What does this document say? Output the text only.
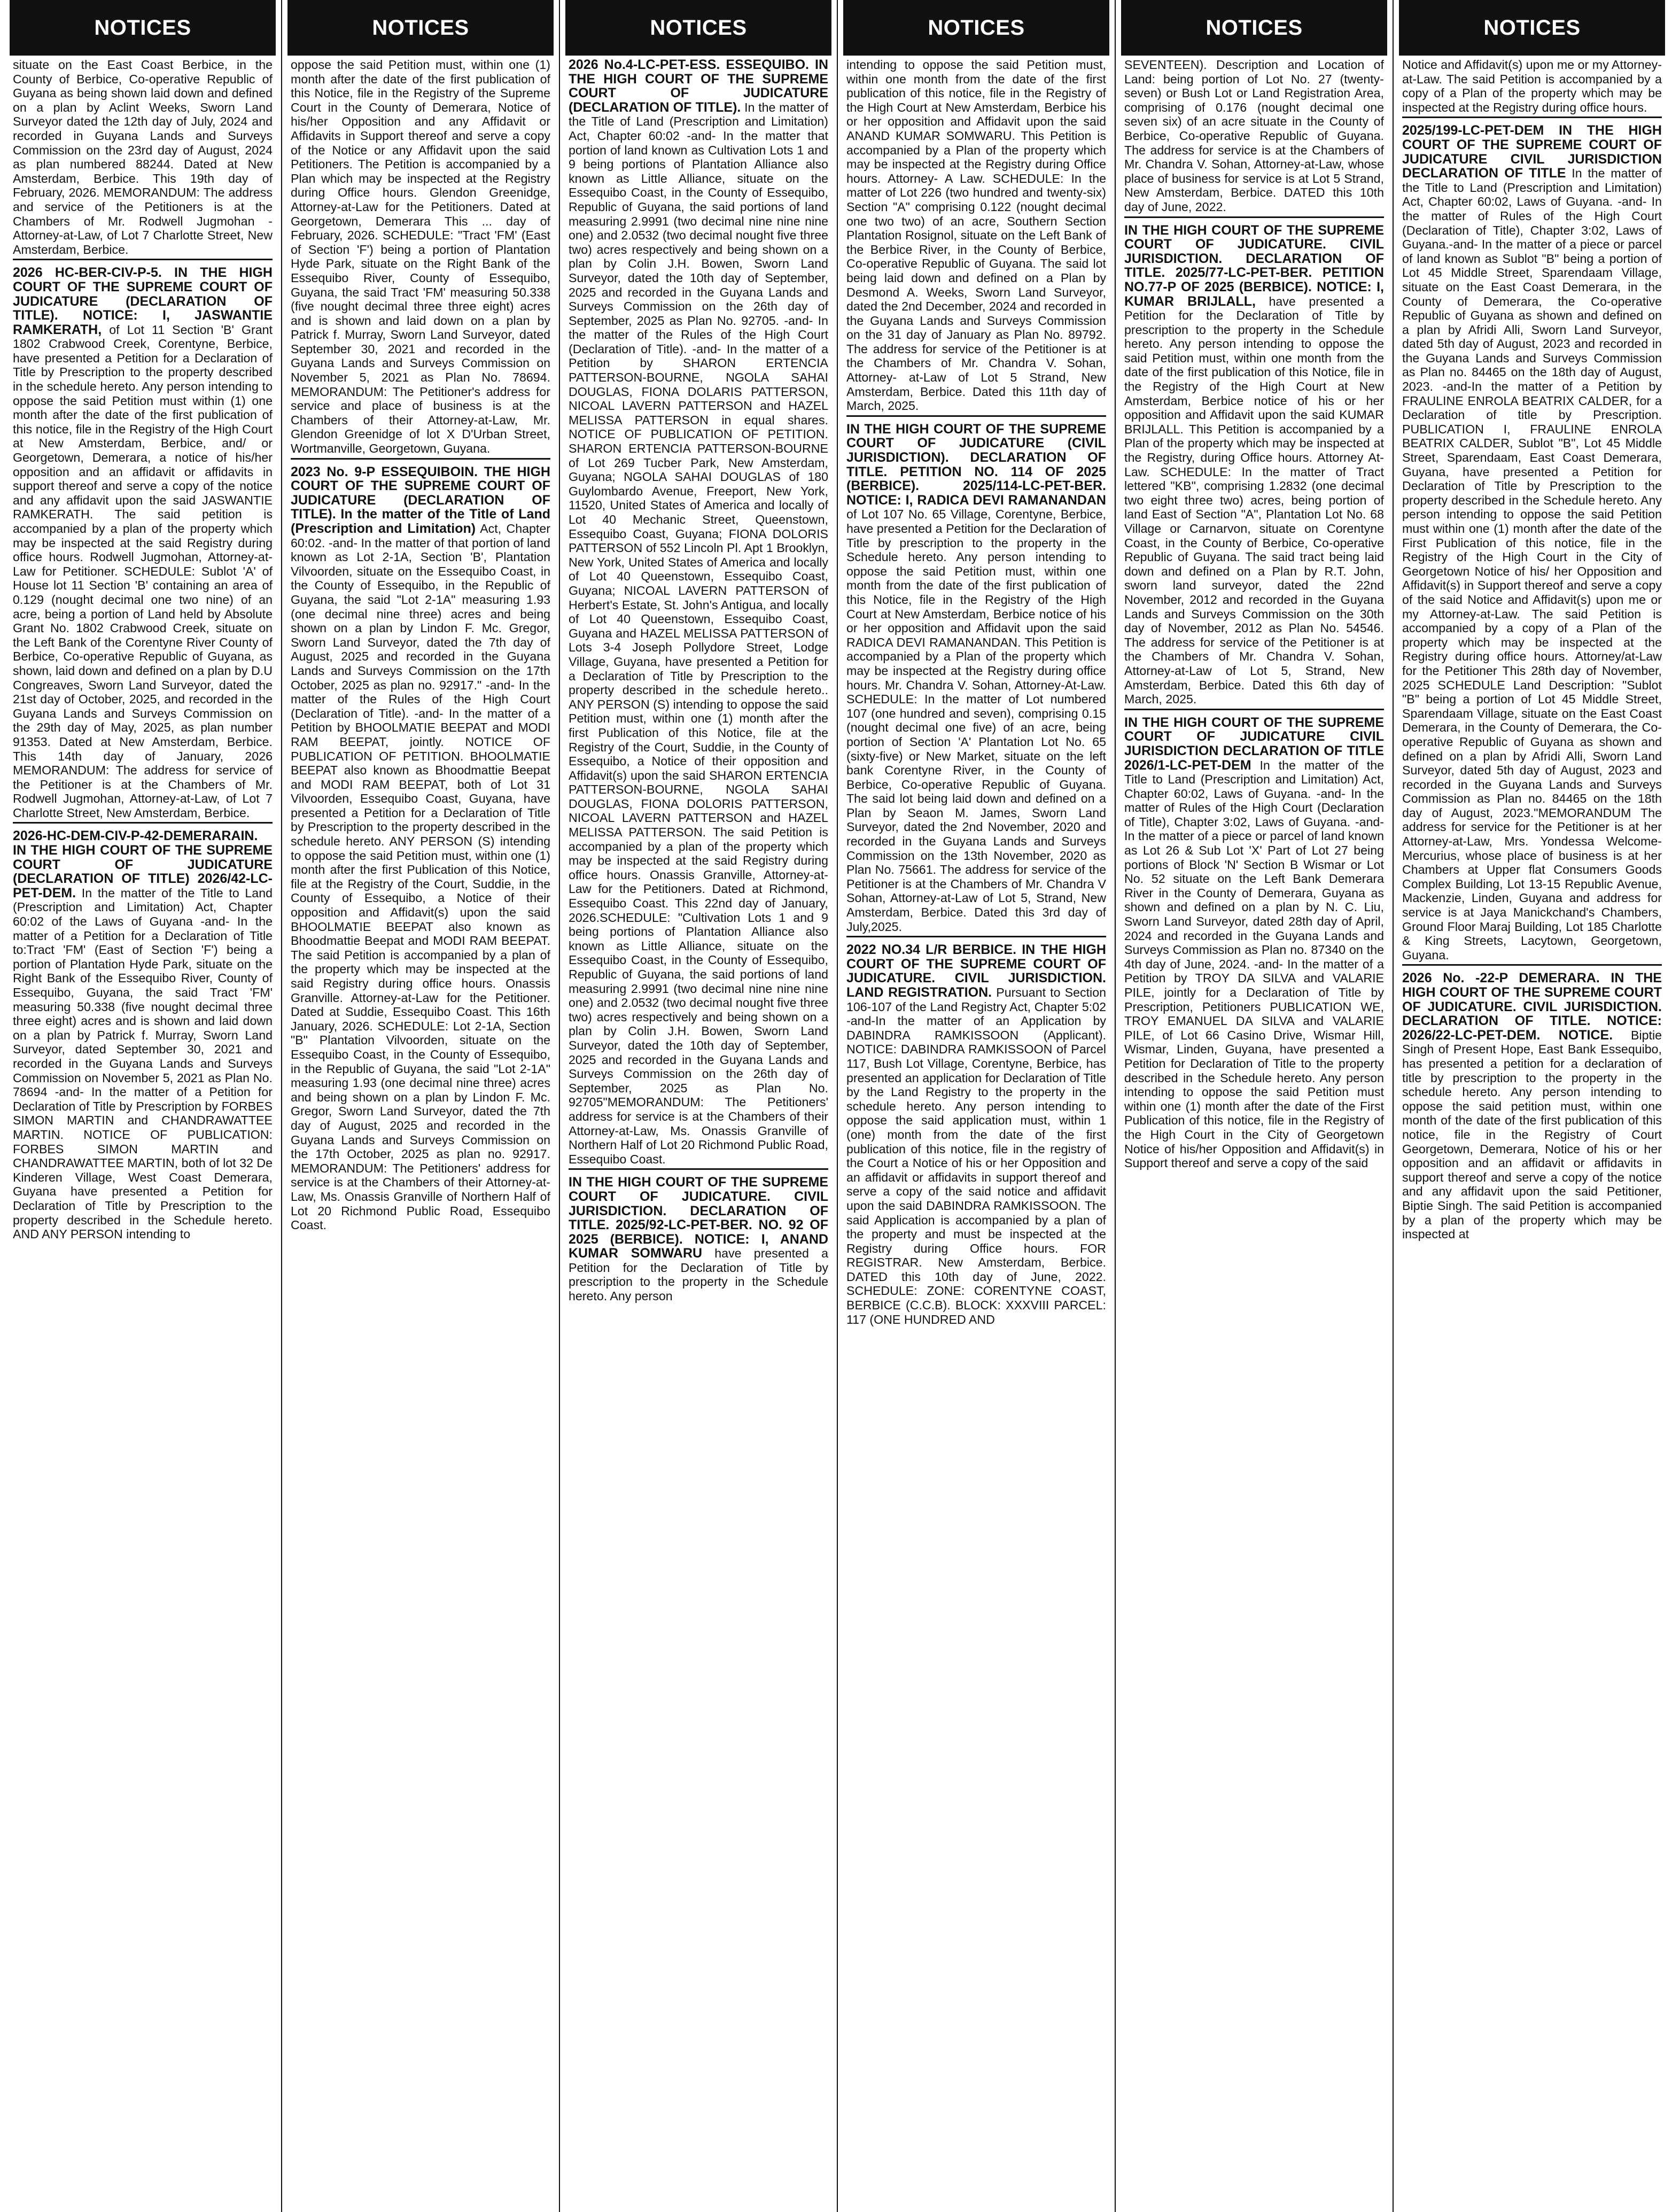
NOTICES

situate on the East Coast Berbice, in the County of Berbice, Co-operative Republic of Guyana as being shown laid down and defined on a plan by Aclint Weeks, Sworn Land Surveyor dated the 12th day of July, 2024 and recorded in Guyana Lands and Surveys Commission on the 23rd day of August, 2024 as plan numbered 88244. Dated at New Amsterdam, Berbice. This 19th day of February, 2026. MEMORANDUM: The address and service of the Petitioners is at the Chambers of Mr. Rodwell Jugmohan - Attorney-at-Law, of Lot 7 Charlotte Street, New Amsterdam, Berbice.

2026 HC-BER-CIV-P-5. IN THE HIGH COURT OF THE SUPREME COURT OF JUDICATURE (DECLARATION OF TITLE). NOTICE: I, JASWANTIE RAMKERATH,

of Lot 11 Section 'B' Grant 1802 Crabwood Creek, Corentyne, Berbice, have presented a Petition for a Declaration of Title by Prescription to the property described in the schedule hereto. Any person intending to oppose the said Petition must within (1) one month after the date of the first publication of this notice, file in the Registry of the High Court at New Amsterdam, Berbice, and/ or Georgetown, Demerara, a notice of his/her opposition and an affidavit or affidavits in support thereof and serve a copy of the notice and any affidavit upon the said JASWANTIE RAMKERATH. The said petition is accompanied by a plan of the property which may be inspected at the said Registry during office hours. Rodwell Jugmohan, Attorney-at-Law for Petitioner. SCHEDULE: Sublot 'A' of House lot 11 Section 'B' containing an area of 0.129 (nought decimal one two nine) of an acre, being a portion of Land held by Absolute Grant No. 1802 Crabwood Creek, situate on the Left Bank of the Corentyne River County of Berbice, Co-operative Republic of Guyana, as shown, laid down and defined on a plan by D.U Congreaves, Sworn Land Surveyor, dated the 21st day of October, 2025, and recorded in the Guyana Lands and Surveys Commission on the 29th day of May, 2025, as plan number 91353. Dated at New Amsterdam, Berbice. This 14th day of January, 2026 MEMORANDUM: The address for service of the Petitioner is at the Chambers of Mr. Rodwell Jugmohan, Attorney-at-Law, of Lot 7 Charlotte Street, New Amsterdam, Berbice.

2026-HC-DEM-CIV-P-42-DEMERARAIN. IN THE HIGH COURT OF THE SUPREME COURT OF JUDICATURE (DECLARATION OF TITLE) 2026/42-LC-PET-DEM.

In the matter of the Title to Land (Prescription and Limitation) Act, Chapter 60:02 of the Laws of Guyana -and- In the matter of a Petition for a Declaration of Title to:Tract 'FM' (East of Section 'F') being a portion of Plantation Hyde Park, situate on the Right Bank of the Essequibo River, County of Essequibo, Guyana, the said Tract 'FM' measuring 50.338 (five nought decimal three three eight) acres and is shown and laid down on a plan by Patrick f. Murray, Sworn Land Surveyor, dated September 30, 2021 and recorded in the Guyana Lands and Surveys Commission on November 5, 2021 as Plan No. 78694 -and- In the matter of a Petition for Declaration of Title by Prescription by FORBES SIMON MARTIN and CHANDRAWATTEE MARTIN. NOTICE OF PUBLICATION: FORBES SIMON MARTIN and CHANDRAWATTEE MARTIN, both of lot 32 De Kinderen Village, West Coast Demerara, Guyana have presented a Petition for Declaration of Title by Prescription to the property described in the Schedule hereto. AND ANY PERSON intending to

NOTICES

oppose the said Petition must, within one (1) month after the date of the first publication of this Notice, file in the Registry of the Supreme Court in the County of Demerara, Notice of his/her Opposition and any Affidavit or Affidavits in Support thereof and serve a copy of the Notice or any Affidavit upon the said Petitioners. The Petition is accompanied by a Plan which may be inspected at the Registry during Office hours. Glendon Greenidge, Attorney-at-Law for the Petitioners. Dated at Georgetown, Demerara This ... day of February, 2026. SCHEDULE: "Tract 'FM' (East of Section 'F') being a portion of Plantation Hyde Park, situate on the Right Bank of the Essequibo River, County of Essequibo, Guyana, the said Tract 'FM' measuring 50.338 (five nought decimal three three eight) acres and is shown and laid down on a plan by Patrick f. Murray, Sworn Land Surveyor, dated September 30, 2021 and recorded in the Guyana Lands and Surveys Commission on November 5, 2021 as Plan No. 78694. MEMORANDUM: The Petitioner's address for service and place of business is at the Chambers of their Attorney-at-Law, Mr. Glendon Greenidge of lot X D'Urban Street, Wortmanville, Georgetown, Guyana.

2023 No. 9-P ESSEQUIBOIN. THE HIGH COURT OF THE SUPREME COURT OF JUDICATURE (DECLARATION OF TITLE). In the matter of the Title of Land (Prescription and Limitation)

Act, Chapter 60:02. -and- In the matter of that portion of land known as Lot 2-1A, Section 'B', Plantation Vilvoorden, situate on the Essequibo Coast, in the County of Essequibo, in the Republic of Guyana, the said "Lot 2-1A" measuring 1.93 (one decimal nine three) acres and being shown on a plan by Lindon F. Mc. Gregor, Sworn Land Surveyor, dated the 7th day of August, 2025 and recorded in the Guyana Lands and Surveys Commission on the 17th October, 2025 as plan no. 92917." -and- In the matter of the Rules of the High Court (Declaration of Title). -and- In the matter of a Petition by BHOOLMATIE BEEPAT and MODI RAM BEEPAT, jointly. NOTICE OF PUBLICATION OF PETITION. BHOOLMATIE BEEPAT also known as Bhoodmattie Beepat and MODI RAM BEEPAT, both of Lot 31 Vilvoorden, Essequibo Coast, Guyana, have presented a Petition for a Declaration of Title by Prescription to the property described in the schedule hereto. ANY PERSON (S) intending to oppose the said Petition must, within one (1) month after the first Publication of this Notice, file at the Registry of the Court, Suddie, in the County of Essequibo, a Notice of their opposition and Affidavit(s) upon the said BHOOLMATIE BEEPAT also known as Bhoodmattie Beepat and MODI RAM BEEPAT. The said Petition is accompanied by a plan of the property which may be inspected at the said Registry during office hours. Onassis Granville. Attorney-at-Law for the Petitioner. Dated at Suddie, Essequibo Coast. This 16th January, 2026. SCHEDULE: Lot 2-1A, Section "B" Plantation Vilvoorden, situate on the Essequibo Coast, in the County of Essequibo, in the Republic of Guyana, the said "Lot 2-1A" measuring 1.93 (one decimal nine three) acres and being shown on a plan by Lindon F. Mc. Gregor, Sworn Land Surveyor, dated the 7th day of August, 2025 and recorded in the Guyana Lands and Surveys Commission on the 17th October, 2025 as plan no. 92917. MEMORANDUM: The Petitioners' address for service is at the Chambers of their Attorney-at-Law, Ms. Onassis Granville of Northern Half of Lot 20 Richmond Public Road, Essequibo Coast.

NOTICES
2026 No.4-LC-PET-ESS. ESSEQUIBO. IN THE HIGH COURT OF THE SUPREME COURT OF JUDICATURE (DECLARATION OF TITLE).

In the matter of the Title of Land (Prescription and Limitation) Act, Chapter 60:02 -and- In the matter that portion of land known as Cultivation Lots 1 and 9 being portions of Plantation Alliance also known as Little Alliance, situate on the Essequibo Coast, in the County of Essequibo, Republic of Guyana, the said portions of land measuring 2.9991 (two decimal nine nine nine one) and 2.0532 (two decimal nought five three two) acres respectively and being shown on a plan by Colin J.H. Bowen, Sworn Land Surveyor, dated the 10th day of September, 2025 and recorded in the Guyana Lands and Surveys Commission on the 26th day of September, 2025 as Plan No. 92705. -and- In the matter of the Rules of the High Court (Declaration of Title). -and- In the matter of a Petition by SHARON ERTENCIA PATTERSON-BOURNE, NGOLA SAHAI DOUGLAS, FIONA DOLARIS PATTERSON, NICOAL LAVERN PATTERSON and HAZEL MELISSA PATTERSON in equal shares. NOTICE OF PUBLICATION OF PETITION. SHARON ERTENCIA PATTERSON-BOURNE of Lot 269 Tucber Park, New Amsterdam, Guyana; NGOLA SAHAI DOUGLAS of 180 Guylombardo Avenue, Freeport, New York, 11520, United States of America and locally of Lot 40 Mechanic Street, Queenstown, Essequibo Coast, Guyana; FIONA DOLORIS PATTERSON of 552 Lincoln Pl. Apt 1 Brooklyn, New York, United States of America and locally of Lot 40 Queenstown, Essequibo Coast, Guyana; NICOAL LAVERN PATTERSON of Herbert's Estate, St. John's Antigua, and locally of Lot 40 Queenstown, Essequibo Coast, Guyana and HAZEL MELISSA PATTERSON of Lots 3-4 Joseph Pollydore Street, Lodge Village, Guyana, have presented a Petition for a Declaration of Title by Prescription to the property described in the schedule hereto.. ANY PERSON (S) intending to oppose the said Petition must, within one (1) month after the first Publication of this Notice, file at the Registry of the Court, Suddie, in the County of Essequibo, a Notice of their opposition and Affidavit(s) upon the said SHARON ERTENCIA PATTERSON-BOURNE, NGOLA SAHAI DOUGLAS, FIONA DOLORIS PATTERSON, NICOAL LAVERN PATTERSON and HAZEL MELISSA PATTERSON. The said Petition is accompanied by a plan of the property which may be inspected at the said Registry during office hours. Onassis Granville, Attorney-at-Law for the Petitioners. Dated at Richmond, Essequibo Coast. This 22nd day of January, 2026.SCHEDULE: "Cultivation Lots 1 and 9 being portions of Plantation Alliance also known as Little Alliance, situate on the Essequibo Coast, in the County of Essequibo, Republic of Guyana, the said portions of land measuring 2.9991 (two decimal nine nine nine one) and 2.0532 (two decimal nought five three two) acres respectively and being shown on a plan by Colin J.H. Bowen, Sworn Land Surveyor, dated the 10th day of September, 2025 and recorded in the Guyana Lands and Surveys Commission on the 26th day of September, 2025 as Plan No. 92705"MEMORANDUM: The Petitioners' address for service is at the Chambers of their Attorney-at-Law, Ms. Onassis Granville of Northern Half of Lot 20 Richmond Public Road, Essequibo Coast.

IN THE HIGH COURT OF THE SUPREME COURT OF JUDICATURE. CIVIL JURISDICTION. DECLARATION OF TITLE. 2025/92-LC-PET-BER. NO. 92 OF 2025 (BERBICE). NOTICE: I, ANAND KUMAR SOMWARU

have presented a Petition for the Declaration of Title by prescription to the property in the Schedule hereto. Any person

NOTICES

intending to oppose the said Petition must, within one month from the date of the first publication of this notice, file in the Registry of the High Court at New Amsterdam, Berbice his or her opposition and Affidavit upon the said ANAND KUMAR SOMWARU. This Petition is accompanied by a Plan of the property which may be inspected at the Registry during Office hours. Attorney- A Law. SCHEDULE: In the matter of Lot 226 (two hundred and twenty-six) Section "A" comprising 0.122 (nought decimal one two two) of an acre, Southern Section Plantation Rosignol, situate on the Left Bank of the Berbice River, in the County of Berbice, Co-operative Republic of Guyana. The said lot being laid down and defined on a Plan by Desmond A. Weeks, Sworn Land Surveyor, dated the 2nd December, 2024 and recorded in the Guyana Lands and Surveys Commission on the 31 day of January as Plan No. 89792. The address for service of the Petitioner is at the Chambers of Mr. Chandra V. Sohan, Attorney- at-Law of Lot 5 Strand, New Amsterdam, Berbice. Dated this 11th day of March, 2025.

IN THE HIGH COURT OF THE SUPREME COURT OF JUDICATURE (CIVIL JURISDICTION). DECLARATION OF TITLE. PETITION NO. 114 OF 2025 (BERBICE). 2025/114-LC-PET-BER. NOTICE: I, RADICA DEVI RAMANANDAN

of Lot 107 No. 65 Village, Corentyne, Berbice, have presented a Petition for the Declaration of Title by prescription to the property in the Schedule hereto. Any person intending to oppose the said Petition must, within one month from the date of the first publication of this Notice, file in the Registry of the High Court at New Amsterdam, Berbice notice of his or her opposition and Affidavit upon the said RADICA DEVI RAMANANDAN. This Petition is accompanied by a Plan of the property which may be inspected at the Registry during office hours. Mr. Chandra V. Sohan, Attorney-At-Law. SCHEDULE: In the matter of Lot numbered 107 (one hundred and seven), comprising 0.15 (nought decimal one five) of an acre, being portion of Section 'A' Plantation Lot No. 65 (sixty-five) or New Market, situate on the left bank Corentyne River, in the County of Berbice, Co-operative Republic of Guyana. The said lot being laid down and defined on a Plan by Seaon M. James, Sworn Land Surveyor, dated the 2nd November, 2020 and recorded in the Guyana Lands and Surveys Commission on the 13th November, 2020 as Plan No. 75661. The address for service of the Petitioner is at the Chambers of Mr. Chandra V Sohan, Attorney-at-Law of Lot 5, Strand, New Amsterdam, Berbice. Dated this 3rd day of July,2025.

2022 NO.34 L/R BERBICE. IN THE HIGH COURT OF THE SUPREME COURT OF JUDICATURE. CIVIL JURISDICTION. LAND REGISTRATION.

Pursuant to Section 106-107 of the Land Registry Act, Chapter 5:02 -and-In the matter of an Application by DABINDRA RAMKISSOON (Applicant). NOTICE: DABINDRA RAMKISSOON of Parcel 117, Bush Lot Village, Corentyne, Berbice, has presented an application for Declaration of Title by the Land Registry to the property in the schedule hereto. Any person intending to oppose the said application must, within 1 (one) month from the date of the first publication of this notice, file in the registry of the Court a Notice of his or her Opposition and an affidavit or affidavits in support thereof and serve a copy of the said notice and affidavit upon the said DABINDRA RAMKISSOON. The said Application is accompanied by a plan of the property and must be inspected at the Registry during Office hours. FOR REGISTRAR. New Amsterdam, Berbice. DATED this 10th day of June, 2022. SCHEDULE: ZONE: CORENTYNE COAST, BERBICE (C.C.B). BLOCK: XXXVIII PARCEL: 117 (ONE HUNDRED AND

NOTICES

SEVENTEEN). Description and Location of Land: being portion of Lot No. 27 (twenty-seven) or Bush Lot or Land Registration Area, comprising of 0.176 (nought decimal one seven six) of an acre situate in the County of Berbice, Co-operative Republic of Guyana. The address for service is at the Chambers of Mr. Chandra V. Sohan, Attorney-at-Law, whose place of business for service is at Lot 5 Strand, New Amsterdam, Berbice. DATED this 10th day of June, 2022.

IN THE HIGH COURT OF THE SUPREME COURT OF JUDICATURE. CIVIL JURISDICTION. DECLARATION OF TITLE. 2025/77-LC-PET-BER. PETITION NO.77-P OF 2025 (BERBICE). NOTICE: I, KUMAR BRIJLALL,

have presented a Petition for the Declaration of Title by prescription to the property in the Schedule hereto. Any person intending to oppose the said Petition must, within one month from the date of the first publication of this Notice, file in the Registry of the High Court at New Amsterdam, Berbice notice of his or her opposition and Affidavit upon the said KUMAR BRIJLALL. This Petition is accompanied by a Plan of the property which may be inspected at the Registry, during Office hours. Attorney At-Law. SCHEDULE: In the matter of Tract lettered "KB", comprising 1.2832 (one decimal two eight three two) acres, being portion of land East of Section "A", Plantation Lot No. 68 Village or Carnarvon, situate on Corentyne Coast, in the County of Berbice, Co-operative Republic of Guyana. The said tract being laid down and defined on a Plan by R.T. John, sworn land surveyor, dated the 22nd November, 2012 and recorded in the Guyana Lands and Surveys Commission on the 30th day of November, 2012 as Plan No. 54546. The address for service of the Petitioner is at the Chambers of Mr. Chandra V. Sohan, Attorney-at-Law of Lot 5, Strand, New Amsterdam, Berbice. Dated this 6th day of March, 2025.

IN THE HIGH COURT OF THE SUPREME COURT OF JUDICATURE CIVIL JURISDICTION DECLARATION OF TITLE 2026/1-LC-PET-DEM

In the matter of the Title to Land (Prescription and Limitation) Act, Chapter 60:02, Laws of Guyana. -and- In the matter of Rules of the High Court (Declaration of Title), Chapter 3:02, Laws of Guyana. -and- In the matter of a piece or parcel of land known as Lot 26 & Sub Lot 'X' Part of Lot 27 being portions of Block 'N' Section B Wismar or Lot No. 52 situate on the Left Bank Demerara River in the County of Demerara, Guyana as shown and defined on a plan by N. C. Liu, Sworn Land Surveyor, dated 28th day of April, 2024 and recorded in the Guyana Lands and Surveys Commission as Plan no. 87340 on the 4th day of June, 2024. -and- In the matter of a Petition by TROY DA SILVA and VALARIE PILE, jointly for a Declaration of Title by Prescription, Petitioners PUBLICATION WE, TROY EMANUEL DA SILVA and VALARIE PILE, of Lot 66 Casino Drive, Wismar Hill, Wismar, Linden, Guyana, have presented a Petition for Declaration of Title to the property described in the Schedule hereto. Any person intending to oppose the said Petition must within one (1) month after the date of the First Publication of this notice, file in the Registry of the High Court in the City of Georgetown Notice of his/her Opposition and Affidavit(s) in Support thereof and serve a copy of the said

NOTICES

Notice and Affidavit(s) upon me or my Attorney-at-Law. The said Petition is accompanied by a copy of a Plan of the property which may be inspected at the Registry during office hours.

2025/199-LC-PET-DEM IN THE HIGH COURT OF THE SUPREME COURT OF JUDICATURE CIVIL JURISDICTION DECLARATION OF TITLE

In the matter of the Title to Land (Prescription and Limitation) Act, Chapter 60:02, Laws of Guyana. -and- In the matter of Rules of the High Court (Declaration of Title), Chapter 3:02, Laws of Guyana.-and- In the matter of a piece or parcel of land known as Sublot "B" being a portion of Lot 45 Middle Street, Sparendaam Village, situate on the East Coast Demerara, in the County of Demerara, the Co-operative Republic of Guyana as shown and defined on a plan by Afridi Alli, Sworn Land Surveyor, dated 5th day of August, 2023 and recorded in the Guyana Lands and Surveys Commission as Plan no. 84465 on the 18th day of August, 2023. -and-In the matter of a Petition by FRAULINE ENROLA BEATRIX CALDER, for a Declaration of title by Prescription. PUBLICATION I, FRAULINE ENROLA BEATRIX CALDER, Sublot "B", Lot 45 Middle Street, Sparendaam, East Coast Demerara, Guyana, have presented a Petition for Declaration of Title by Prescription to the property described in the Schedule hereto. Any person intending to oppose the said Petition must within one (1) month after the date of the First Publication of this notice, file in the Registry of the High Court in the City of Georgetown Notice of his/ her Opposition and Affidavit(s) in Support thereof and serve a copy of the said Notice and Affidavit(s) upon me or my Attorney-at-Law. The said Petition is accompanied by a copy of a Plan of the property which may be inspected at the Registry during office hours. Attorney/at-Law for the Petitioner This 28th day of November, 2025 SCHEDULE Land Description: "Sublot "B" being a portion of Lot 45 Middle Street, Sparendaam Village, situate on the East Coast Demerara, in the County of Demerara, the Co-operative Republic of Guyana as shown and defined on a plan by Afridi Alli, Sworn Land Surveyor, dated 5th day of August, 2023 and recorded in the Guyana Lands and Surveys Commission as Plan no. 84465 on the 18th day of August, 2023."MEMORANDUM The address for service for the Petitioner is at her Attorney-at-Law, Mrs. Yondessa Welcome-Mercurius, whose place of business is at her Chambers at Upper flat Consumers Goods Complex Building, Lot 13-15 Republic Avenue, Mackenzie, Linden, Guyana and address for service is at Jaya Manickchand's Chambers, Ground Floor Maraj Building, Lot 185 Charlotte & King Streets, Lacytown, Georgetown, Guyana.

2026 No. -22-P DEMERARA. IN THE HIGH COURT OF THE SUPREME COURT OF JUDICATURE. CIVIL JURISDICTION. DECLARATION OF TITLE. NOTICE: 2026/22-LC-PET-DEM. NOTICE.

Biptie Singh of Present Hope, East Bank Essequibo, has presented a petition for a declaration of title by prescription to the property in the schedule hereto. Any person intending to oppose the said petition must, within one month of the date of the first publication of this notice, file in the Registry of Court Georgetown, Demerara, Notice of his or her opposition and an affidavit or affidavits in support thereof and serve a copy of the notice and any affidavit upon the said Petitioner, Biptie Singh. The said Petition is accompanied by a plan of the property which may be inspected at
